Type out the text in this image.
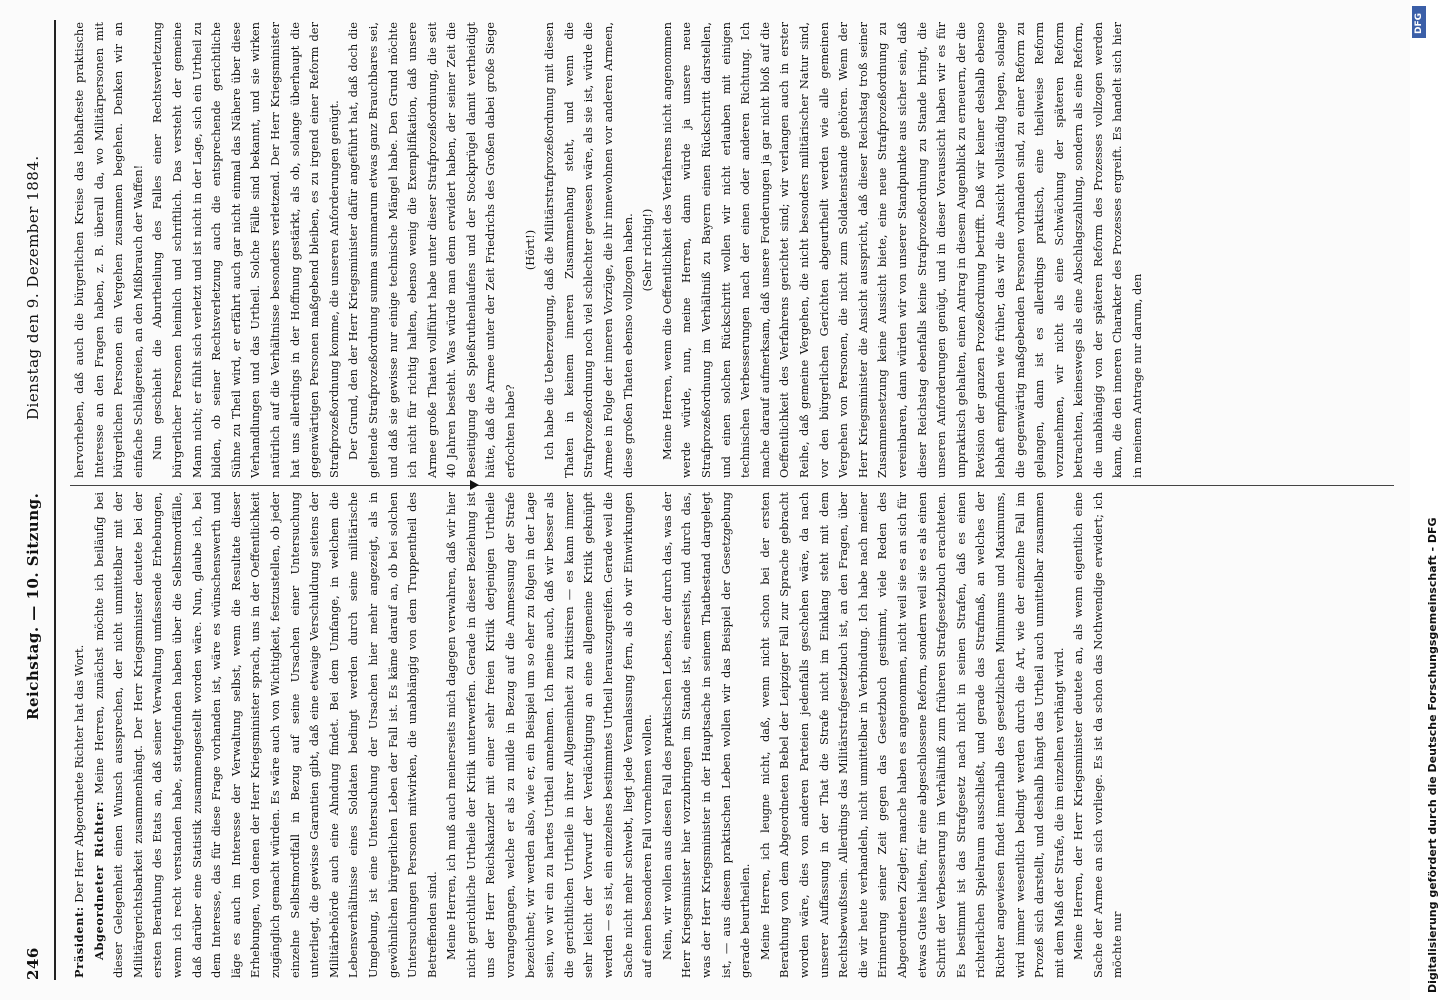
246
Reichstag. — 10. Sitzung.
Dienstag den 9. Dezember 1884.

Präsident: Der Herr Abgeordnete Richter hat das Wort. Abgeordneter Richter: Meine Herren, zunächst möchte ich beiläufig bei dieser Gelegenheit einen Wunsch aussprechen, der nicht unmittelbar mit der Militärgerichtsbarkeit zusammenhängt. Der Herr Kriegsminister deutete bei der ersten Berathung des Etats an, daß seiner Verwaltung umfassende Erhebungen, wenn ich recht verstanden habe, stattgefunden haben über die Selbstmordfälle, daß darüber eine Statistik zusammengestellt worden wäre. Nun, glaube ich, bei dem Interesse, das für diese Frage vorhanden ist, wäre es wünschenswerth und läge es auch im Interesse der Verwaltung selbst, wenn die Resultate dieser Erhebungen, von denen der Herr Kriegsminister sprach, uns in der Oeffentlichkeit zugänglich gemacht würden. Es wäre auch von Wichtigkeit, festzustellen, ob jeder einzelne Selbstmordfall in Bezug auf seine Ursachen einer Untersuchung unterliegt, die gewisse Garantien gibt, daß eine etwaige Verschuldung seitens der Militärbehörde auch eine Ahndung findet. Bei dem Umfange, in welchem die Lebensverhältnisse eines Soldaten bedingt werden durch seine militärische Umgebung, ist eine Untersuchung der Ursachen hier mehr angezeigt, als in gewöhnlichen bürgerlichen Leben der Fall ist. Es käme darauf an, ob bei solchen Untersuchungen Personen mitwirken, die unabhängig von dem Truppentheil des Betreffenden sind. Meine Herren, ich muß auch meinerseits mich dagegen verwahren, daß wir hier nicht gerichtliche Urtheile der Kritik unterwerfen. Gerade in dieser Beziehung ist uns der Herr Reichskanzler mit einer sehr freien Kritik derjenigen Urtheile vorangegangen, welche er als zu milde in Bezug auf die Anmessung der Strafe bezeichnet; wir werden also, wie er, ein Beispiel um so eher zu folgen in der Lage sein, wo wir ein zu hartes Urtheil annehmen. Ich meine auch, daß wir besser als die gerichtlichen Urtheile in ihrer Allgemeinheit zu kritisiren — es kann immer sehr leicht der Vorwurf der Verdächtigung an eine allgemeine Kritik geknüpft werden — es ist, ein einzelnes bestimmtes Urtheil herauszugreifen. Gerade weil die Sache nicht mehr schwebt, liegt jede Veranlassung fern, als ob wir Einwirkungen auf einen besonderen Fall vornehmen wollen. Nein, wir wollen aus diesen Fall des praktischen Lebens, der durch das, was der Herr Kriegsminister hier vorzubringen im Stande ist, einerseits, und durch das, was der Herr Kriegsminister in der Hauptsache in seinem Thatbestand dargelegt ist, — aus diesem praktischen Leben wollen wir das Beispiel der Gesetzgebung gerade beurtheilen. Meine Herren, ich leugne nicht, daß, wenn nicht schon bei der ersten Berathung von dem Abgeordneten Bebel der Leipziger Fall zur Sprache gebracht worden wäre, dies von anderen Parteien jedenfalls geschehen wäre, da nach unserer Auffassung in der That die Strafe nicht im Einklang steht mit dem Rechtsbewußtsein. Allerdings das Militärstrafgesetzbuch ist, an den Fragen, über die wir heute verhandeln, nicht unmittelbar in Verbindung. Ich habe nach meiner Erinnerung seiner Zeit gegen das Gesetzbuch gestimmt, viele Reden des Abgeordneten Ziegler; manche haben es angenommen, nicht weil sie es an sich für etwas Gutes hielten, für eine abgeschlossene Reform, sondern weil sie es als einen Schritt der Verbesserung im Verhältniß zum früheren Strafgesetzbuch erachteten. Es bestimmt ist das Strafgesetz nach nicht in seinen Strafen, daß es einen richterlichen Spielraum ausschließt, und gerade das Strafmaß, an welches der Richter angewiesen findet innerhalb des gesetzlichen Minimums und Maximums, wird immer wesentlich bedingt werden durch die Art, wie der einzelne Fall im Prozeß sich darstellt, und deshalb hängt das Urtheil auch unmittelbar zusammen mit dem Maß der Strafe, die im einzelnen verhängt wird. Meine Herren, der Herr Kriegsminister deutete an, als wenn eigentlich eine Sache der Armee an sich vorliege. Es ist da schon das Nothwendige erwidert; ich möchte nur

hervorheben, daß auch die bürgerlichen Kreise das lebhafteste praktische Interesse an den Fragen haben, z. B. überall da, wo Militärpersonen mit bürgerlichen Personen ein Vergehen zusammen begehen. Denken wir an einfache Schlägereien, an den Mißbrauch der Waffen! Nun geschieht die Aburtheilung des Falles einer Rechtsverletzung bürgerlicher Personen heimlich und schriftlich. Das versteht der gemeine Mann nicht; er fühlt sich verletzt und ist nicht in der Lage, sich ein Urtheil zu bilden, ob seiner Rechtsverletzung auch die entsprechende gerichtliche Sühne zu Theil wird, er erfährt auch gar nicht einmal das Nähere über diese Verhandlungen und das Urtheil. Solche Fälle sind bekannt, und sie wirken natürlich auf die Verhältnisse besonders verletzend. Der Herr Kriegsminister hat uns allerdings in der Hoffnung gestärkt, als ob, solange überhaupt die gegenwärtigen Personen maßgebend bleiben, es zu irgend einer Reform der Strafprozeßordnung komme, die unseren Anforderungen genügt. Der Grund, den der Herr Kriegsminister dafür angeführt hat, daß doch die geltende Strafprozeßordnung summa summarum etwas ganz Brauchbares sei, und daß sie gewisse nur einige technische Mängel habe. Den Grund möchte ich nicht für richtig halten, ebenso wenig die Exemplifikation, daß unsere Armee große Thaten vollführt habe unter dieser Strafprozeßordnung, die seit 40 Jahren besteht. Was würde man denn erwidert haben, der seiner Zeit die Beseitigung des Spießruthenlaufens und der Stockprügel damit vertheidigt hätte, daß die Armee unter der Zeit Friedrichs des Großen dabei große Siege erfochten habe?

(Hört!) Ich habe die Ueberzeugung, daß die Militärstrafprozeßordnung mit diesen Thaten in keinem inneren Zusammenhang steht, und wenn die Strafprozeßordnung noch viel schlechter gewesen wäre, als sie ist, würde die Armee in Folge der inneren Vorzüge, die ihr innewohnen vor anderen Armeen, diese großen Thaten ebenso vollzogen haben. (Sehr richtig!) Meine Herren, wenn die Oeffentlichkeit des Verfahrens nicht angenommen werde würde, nun, meine Herren, dann würde ja unsere neue Strafprozeßordnung im Verhältniß zu Bayern einen Rückschritt darstellen, und einen solchen Rückschritt wollen wir nicht erlauben mit einigen technischen Verbesserungen nach der einen oder anderen Richtung. Ich mache darauf aufmerksam, daß unsere Forderungen ja gar nicht bloß auf die Oeffentlichkeit des Verfahrens gerichtet sind; wir verlangen auch in erster Reihe, daß gemeine Vergehen, die nicht besonders militärischer Natur sind, vor den bürgerlichen Gerichten abgeurtheilt werden wie alle gemeinen Vergehen von Personen, die nicht zum Soldatenstande gehören. Wenn der Herr Kriegsminister die Ansicht ausspricht, daß dieser Reichstag troß seiner Zusammensetzung keine Aussicht biete, eine neue Strafprozeßordnung zu vereinbaren, dann würden wir von unserer Standpunkte aus sicher sein, daß dieser Reichstag ebenfalls keine Strafprozeßordnung zu Stande bringt, die unseren Anforderungen genügt, und in dieser Voraussicht haben wir es für unpraktisch gehalten, einen Antrag in diesem Augenblick zu erneuern, der die Revision der ganzen Prozeßordnung betrifft. Daß wir keiner deshalb ebenso lebhaft empfinden wie früher, das wir die Ansicht vollständig hegen, solange die gegenwärtig maßgebenden Personen vorhanden sind, zu einer Reform zu gelangen, dann ist es allerdings praktisch, eine theilweise Reform vorzunehmen, wir nicht als eine Schwächung der späteren Reform betrachten, keineswegs als eine Abschlagszahlung, sondern als eine Reform, die unabhängig von der späteren Reform des Prozesses vollzogen werden kann, die den inneren Charakter des Prozesses ergreift. Es handelt sich hier in meinem Antrage nur darum, den

Digitalisierung gefördert durch die Deutsche Forschungsgemeinschaft - DFG
DFG
